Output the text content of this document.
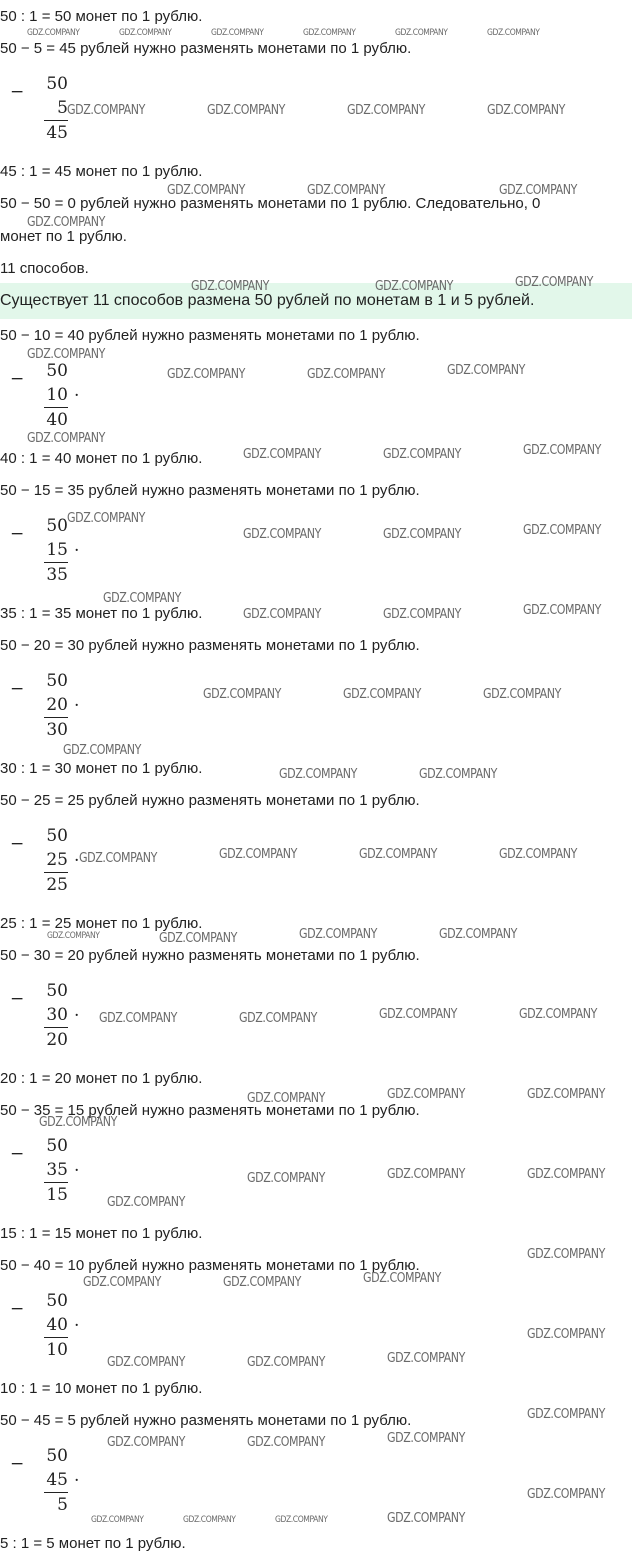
50 : 1 = 50 монет по 1 рублю.
50 − 5 = 45 рублей нужно разменять монетами по 1 рублю.
45 : 1 = 45 монет по 1 рублю.
50 − 50 = 0 рублей нужно разменять монетами по 1 рублю. Следовательно, 0
монет по 1 рублю.
11 способов.
Существует 11 способов размена 50 рублей по монетам в 1 и 5 рублей.
50 − 10 = 40 рублей нужно разменять монетами по 1 рублю.
40 : 1 = 40 монет по 1 рублю.
50 − 15 = 35 рублей нужно разменять монетами по 1 рублю.
35 : 1 = 35 монет по 1 рублю.
50 − 20 = 30 рублей нужно разменять монетами по 1 рублю.
30 : 1 = 30 монет по 1 рублю.
50 − 25 = 25 рублей нужно разменять монетами по 1 рублю.
25 : 1 = 25 монет по 1 рублю.
50 − 30 = 20 рублей нужно разменять монетами по 1 рублю.
20 : 1 = 20 монет по 1 рублю.
50 − 35 = 15 рублей нужно разменять монетами по 1 рублю.
15 : 1 = 15 монет по 1 рублю.
50 − 40 = 10 рублей нужно разменять монетами по 1 рублю.
10 : 1 = 10 монет по 1 рублю.
50 − 45 = 5 рублей нужно разменять монетами по 1 рублю.
5 : 1 = 5 монет по 1 рублю.
− 50
5
45
− 50
10
40
.
− 50
15
35
.
− 50
20
30
.
− 50
25
25
.
− 50
30
20
.
− 50
35
15
.
− 50
40
10
.
− 50
45
5
.
GDZ.COMPANY	GDZ.COMPANY	GDZ.COMPANY	GDZ.COMPANY	GDZ.COMPANY	GDZ.COMPANY
GDZ.COMPANY	GDZ.COMPANY	GDZ.COMPANY	GDZ.COMPANY
GDZ.COMPANY	GDZ.COMPANY	GDZ.COMPANY
GDZ.COMPANY
GDZ.COMPANY	GDZ.COMPANY	GDZ.COMPANY
GDZ.COMPANY
GDZ.COMPANY	GDZ.COMPANY	GDZ.COMPANY
GDZ.COMPANY
GDZ.COMPANY	GDZ.COMPANY	GDZ.COMPANY
GDZ.COMPANY
GDZ.COMPANY	GDZ.COMPANY	GDZ.COMPANY
GDZ.COMPANY
GDZ.COMPANY	GDZ.COMPANY	GDZ.COMPANY
GDZ.COMPANY	GDZ.COMPANY	GDZ.COMPANY
GDZ.COMPANY
GDZ.COMPANY	GDZ.COMPANY
GDZ.COMPANY	GDZ.COMPANY	GDZ.COMPANY	GDZ.COMPANY
GDZ.COMPANY	GDZ.COMPANY	GDZ.COMPANY	GDZ.COMPANY
GDZ.COMPANY	GDZ.COMPANY	GDZ.COMPANY	GDZ.COMPANY
GDZ.COMPANY	GDZ.COMPANY	GDZ.COMPANY
GDZ.COMPANY
GDZ.COMPANY	GDZ.COMPANY	GDZ.COMPANY
GDZ.COMPANY
GDZ.COMPANY
GDZ.COMPANY	GDZ.COMPANY	GDZ.COMPANY
GDZ.COMPANY
GDZ.COMPANY	GDZ.COMPANY	GDZ.COMPANY
GDZ.COMPANY
GDZ.COMPANY	GDZ.COMPANY	GDZ.COMPANY
GDZ.COMPANY
GDZ.COMPANY	GDZ.COMPANY	GDZ.COMPANY	GDZ.COMPANY
